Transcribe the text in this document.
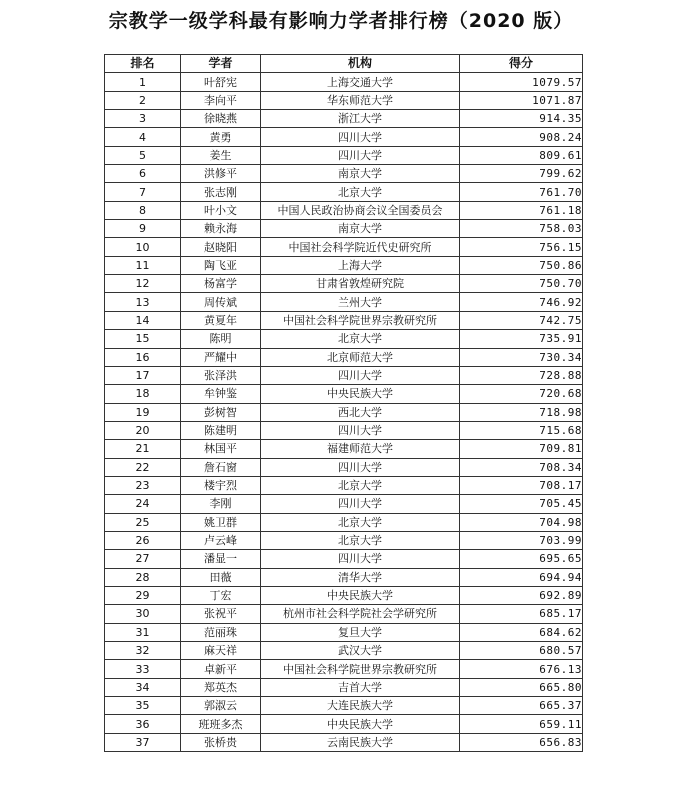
宗教学一级学科最有影响力学者排行榜（2020 版）
排名	学者	机构	得分
1	叶舒宪	上海交通大学	1079.57
2	李向平	华东师范大学	1071.87
3	徐晓燕	浙江大学	914.35
4	黄勇	四川大学	908.24
5	姜生	四川大学	809.61
6	洪修平	南京大学	799.62
7	张志刚	北京大学	761.70
8	叶小文	中国人民政治协商会议全国委员会	761.18
9	赖永海	南京大学	758.03
10	赵晓阳	中国社会科学院近代史研究所	756.15
11	陶飞亚	上海大学	750.86
12	杨富学	甘肃省敦煌研究院	750.70
13	周传斌	兰州大学	746.92
14	黄夏年	中国社会科学院世界宗教研究所	742.75
15	陈明	北京大学	735.91
16	严耀中	北京师范大学	730.34
17	张泽洪	四川大学	728.88
18	牟钟鉴	中央民族大学	720.68
19	彭树智	西北大学	718.98
20	陈建明	四川大学	715.68
21	林国平	福建师范大学	709.81
22	詹石窗	四川大学	708.34
23	楼宇烈	北京大学	708.17
24	李刚	四川大学	705.45
25	姚卫群	北京大学	704.98
26	卢云峰	北京大学	703.99
27	潘显一	四川大学	695.65
28	田薇	清华大学	694.94
29	丁宏	中央民族大学	692.89
30	张祝平	杭州市社会科学院社会学研究所	685.17
31	范丽珠	复旦大学	684.62
32	麻天祥	武汉大学	680.57
33	卓新平	中国社会科学院世界宗教研究所	676.13
34	郑英杰	吉首大学	665.80
35	郭淑云	大连民族大学	665.37
36	班班多杰	中央民族大学	659.11
37	张桥贵	云南民族大学	656.83
